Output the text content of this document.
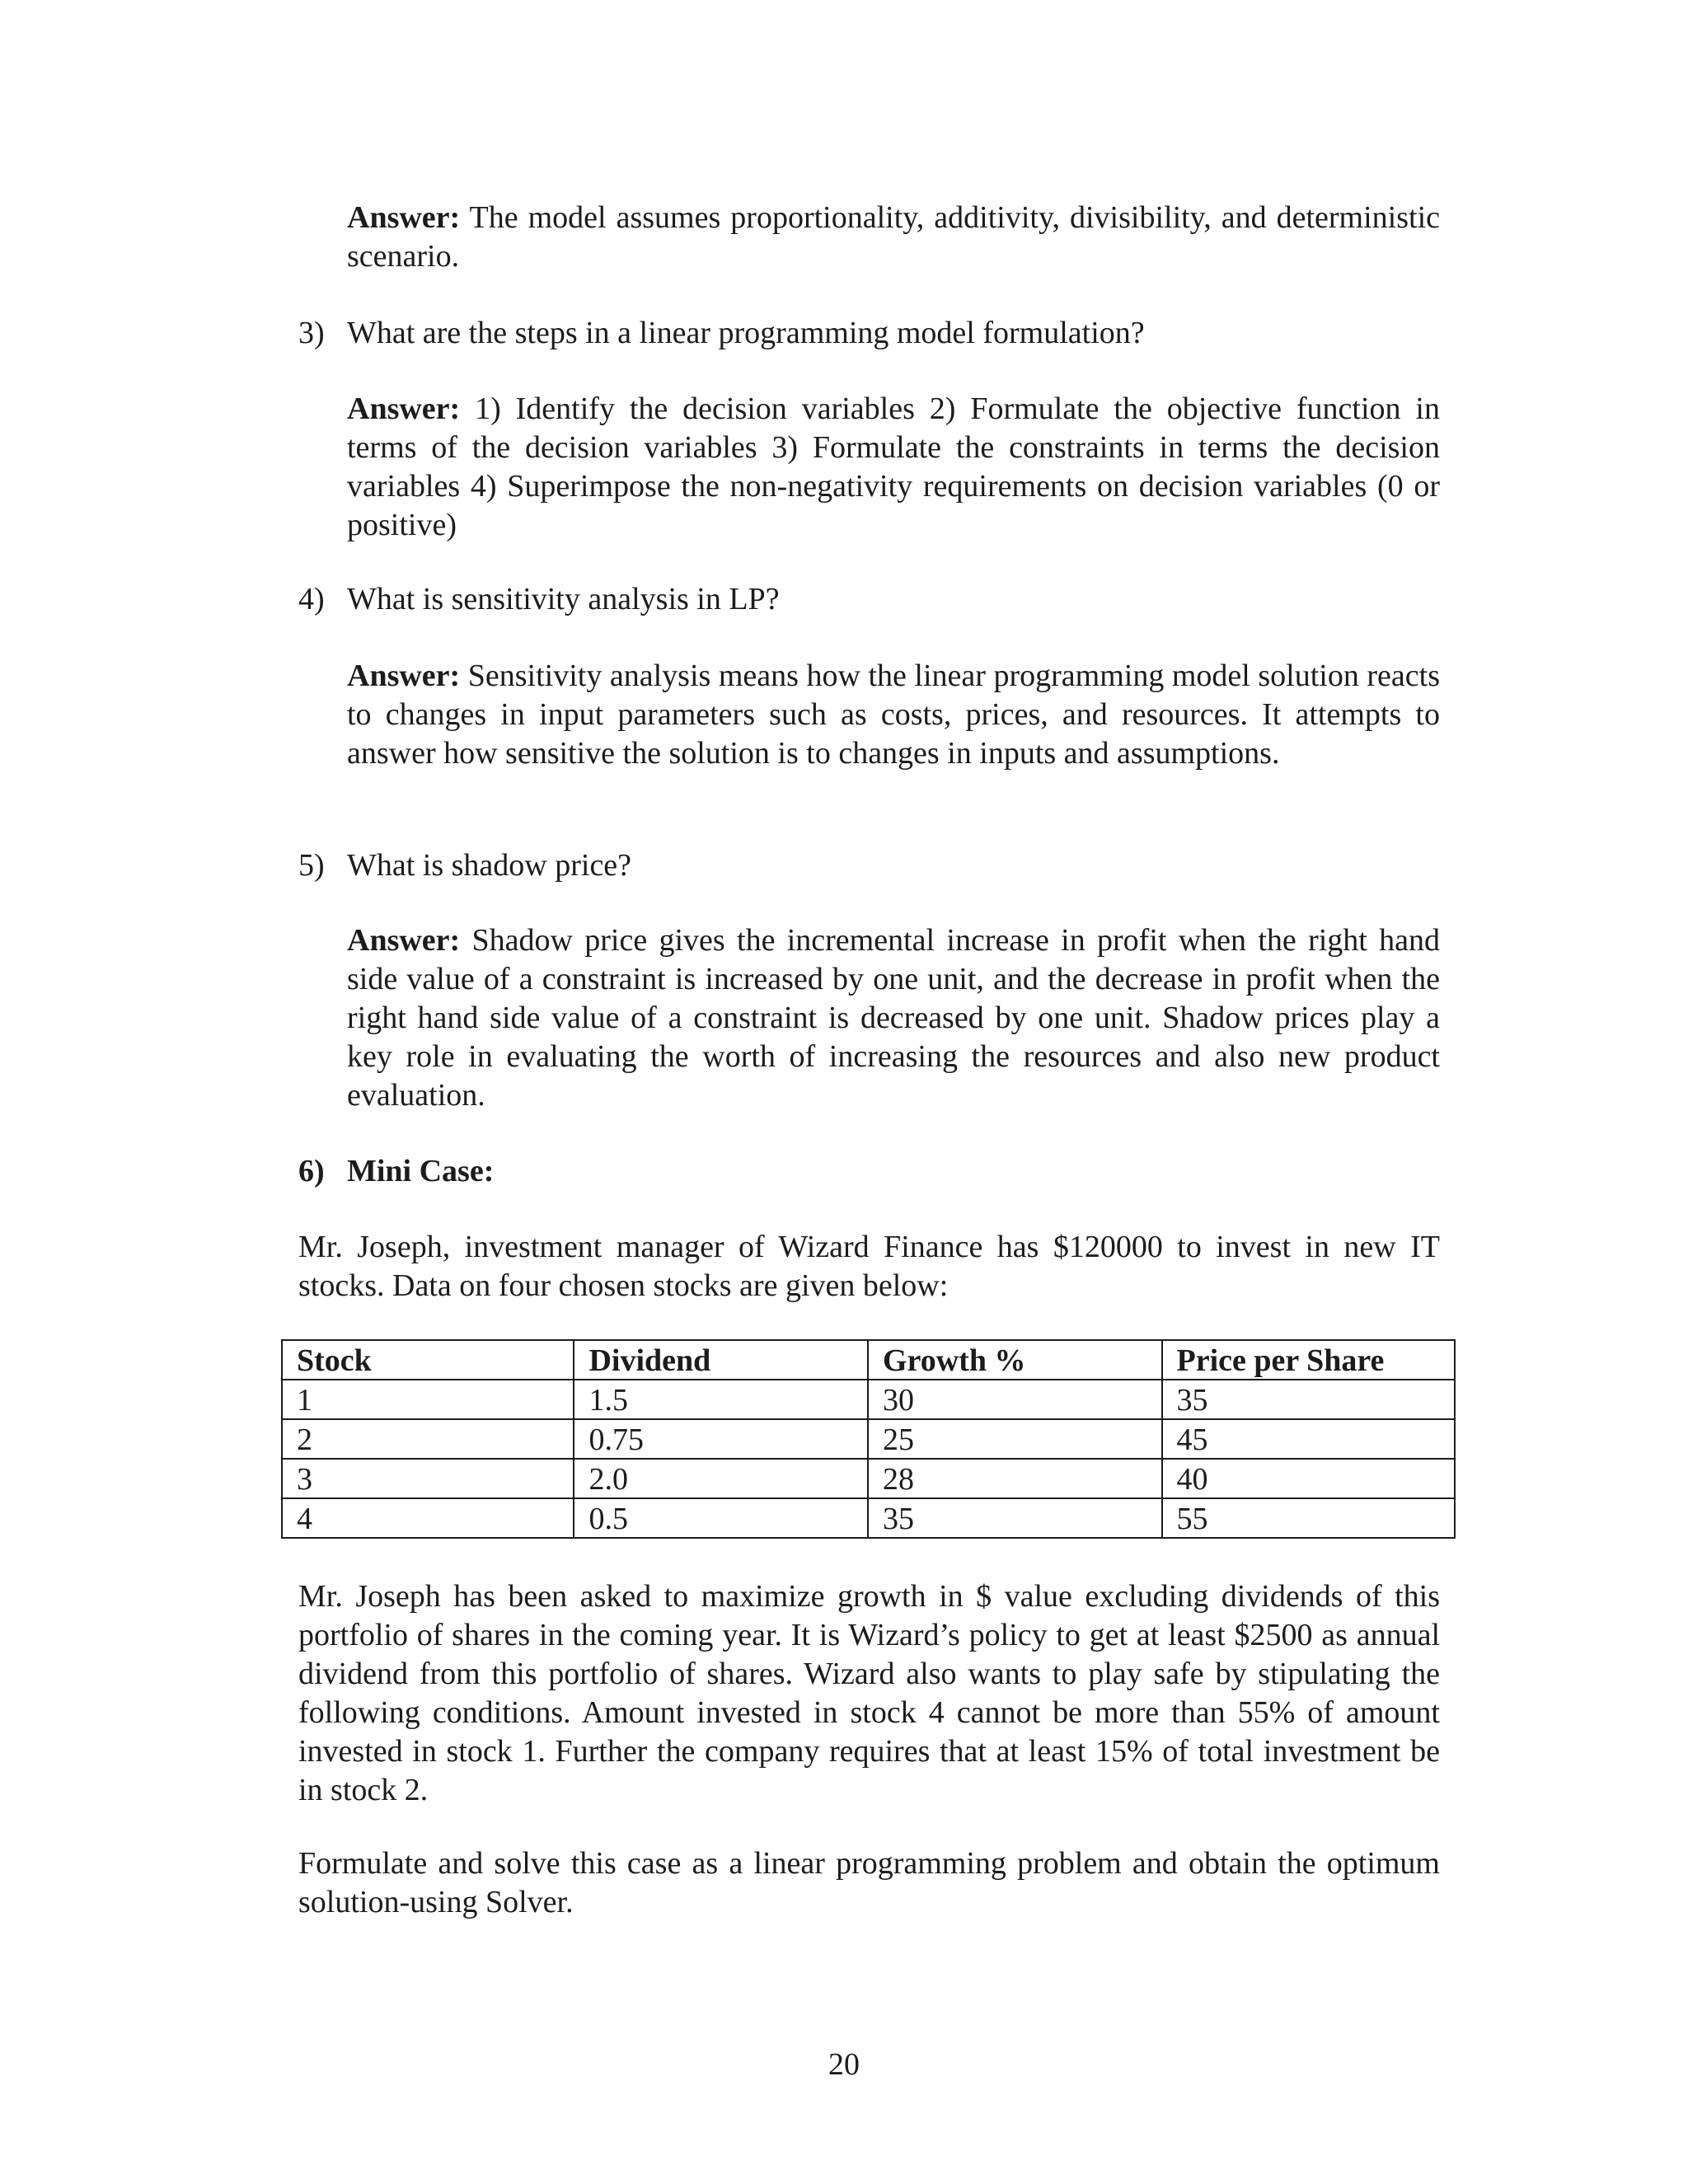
Answer: The model assumes proportionality, additivity, divisibility, and deterministic scenario.
3) What are the steps in a linear programming model formulation?
Answer: 1) Identify the decision variables 2) Formulate the objective function in terms of the decision variables 3) Formulate the constraints in terms the decision variables 4) Superimpose the non-negativity requirements on decision variables (0 or positive)
4) What is sensitivity analysis in LP?
Answer: Sensitivity analysis means how the linear programming model solution reacts to changes in input parameters such as costs, prices, and resources. It attempts to answer how sensitive the solution is to changes in inputs and assumptions.
5) What is shadow price?
Answer: Shadow price gives the incremental increase in profit when the right hand side value of a constraint is increased by one unit, and the decrease in profit when the right hand side value of a constraint is decreased by one unit. Shadow prices play a key role in evaluating the worth of increasing the resources and also new product evaluation.
6) Mini Case:
Mr. Joseph, investment manager of Wizard Finance has $120000 to invest in new IT stocks. Data on four chosen stocks are given below:
Stock	Dividend	Growth %	Price per Share
1	1.5	30	35
2	0.75	25	45
3	2.0	28	40
4	0.5	35	55
Mr. Joseph has been asked to maximize growth in $ value excluding dividends of this portfolio of shares in the coming year. It is Wizard’s policy to get at least $2500 as annual dividend from this portfolio of shares. Wizard also wants to play safe by stipulating the following conditions. Amount invested in stock 4 cannot be more than 55% of amount invested in stock 1. Further the company requires that at least 15% of total investment be in stock 2.
Formulate and solve this case as a linear programming problem and obtain the optimum solution-using Solver.
20
